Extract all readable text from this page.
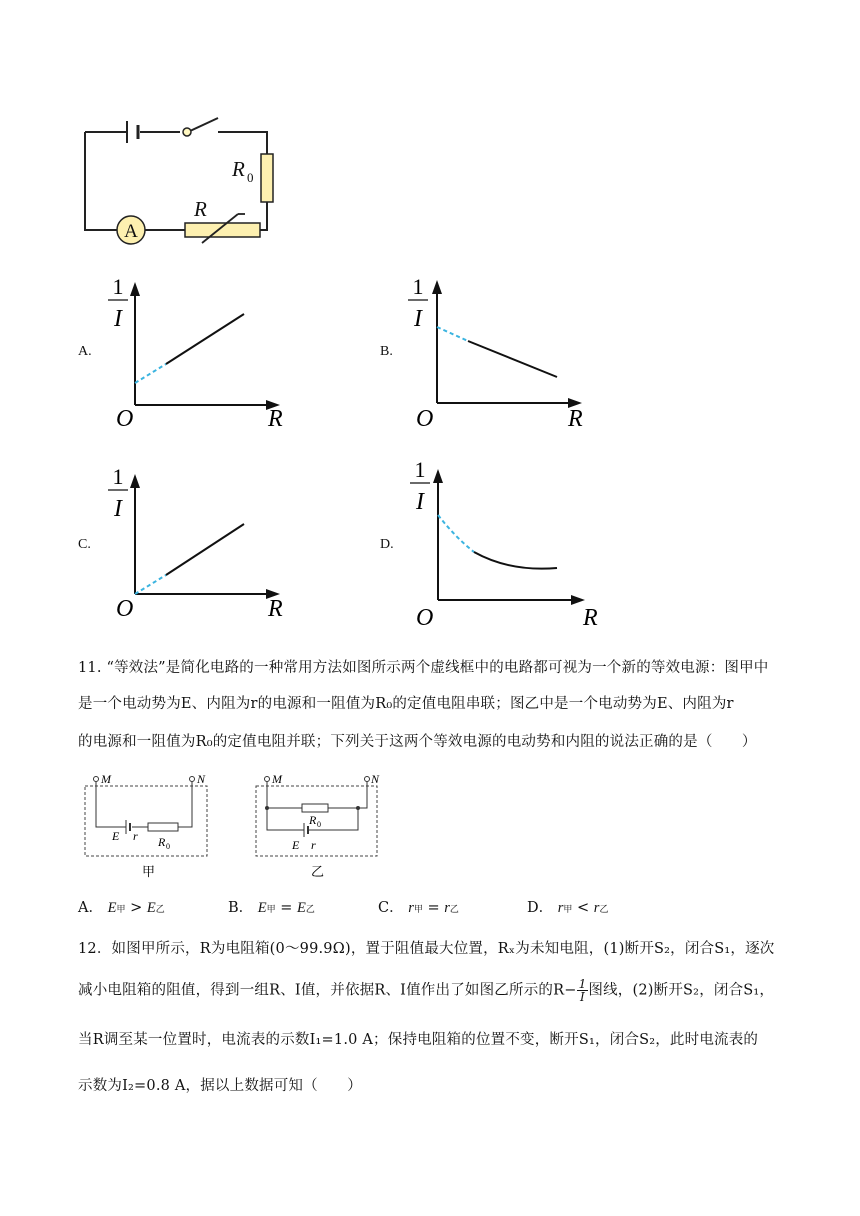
A
R 0
R
A.
1
I
O	R
B.
1
I
O	R
C.
1
I
O	R
D.
1
I
O	R
11. “等效法”是简化电路的一种常用方法如图所示两个虚线框中的电路都可视为一个新的等效电源：图甲中
是一个电动势为E、内阻为r的电源和一阻值为R₀的定值电阻串联；图乙中是一个电动势为E、内阻为r
的电源和一阻值为R₀的定值电阻并联；下列关于这两个等效电源的电动势和内阻的说法正确的是（　　）
M	N
E r R 0
甲
M	N
R 0
E r
乙
A． E甲 > E乙	B． E甲 = E乙	C． r甲 = r乙	D． r甲 < r乙
12．如图甲所示，R为电阻箱(0～99.9Ω)，置于阻值最大位置，Rₓ为未知电阻，(1)断开S₂，闭合S₁，逐次
减小电阻箱的阻值，得到一组R、I值，并依据R、I值作出了如图乙所示的$R- \frac{1}{I}$ 图线，(2)断开S₂，闭合S₁，
当R调至某一位置时，电流表的示数I₁=1.0 A；保持电阻箱的位置不变，断开S₁，闭合S₂，此时电流表的
示数为I₂=0.8 A，据以上数据可知（　　）
